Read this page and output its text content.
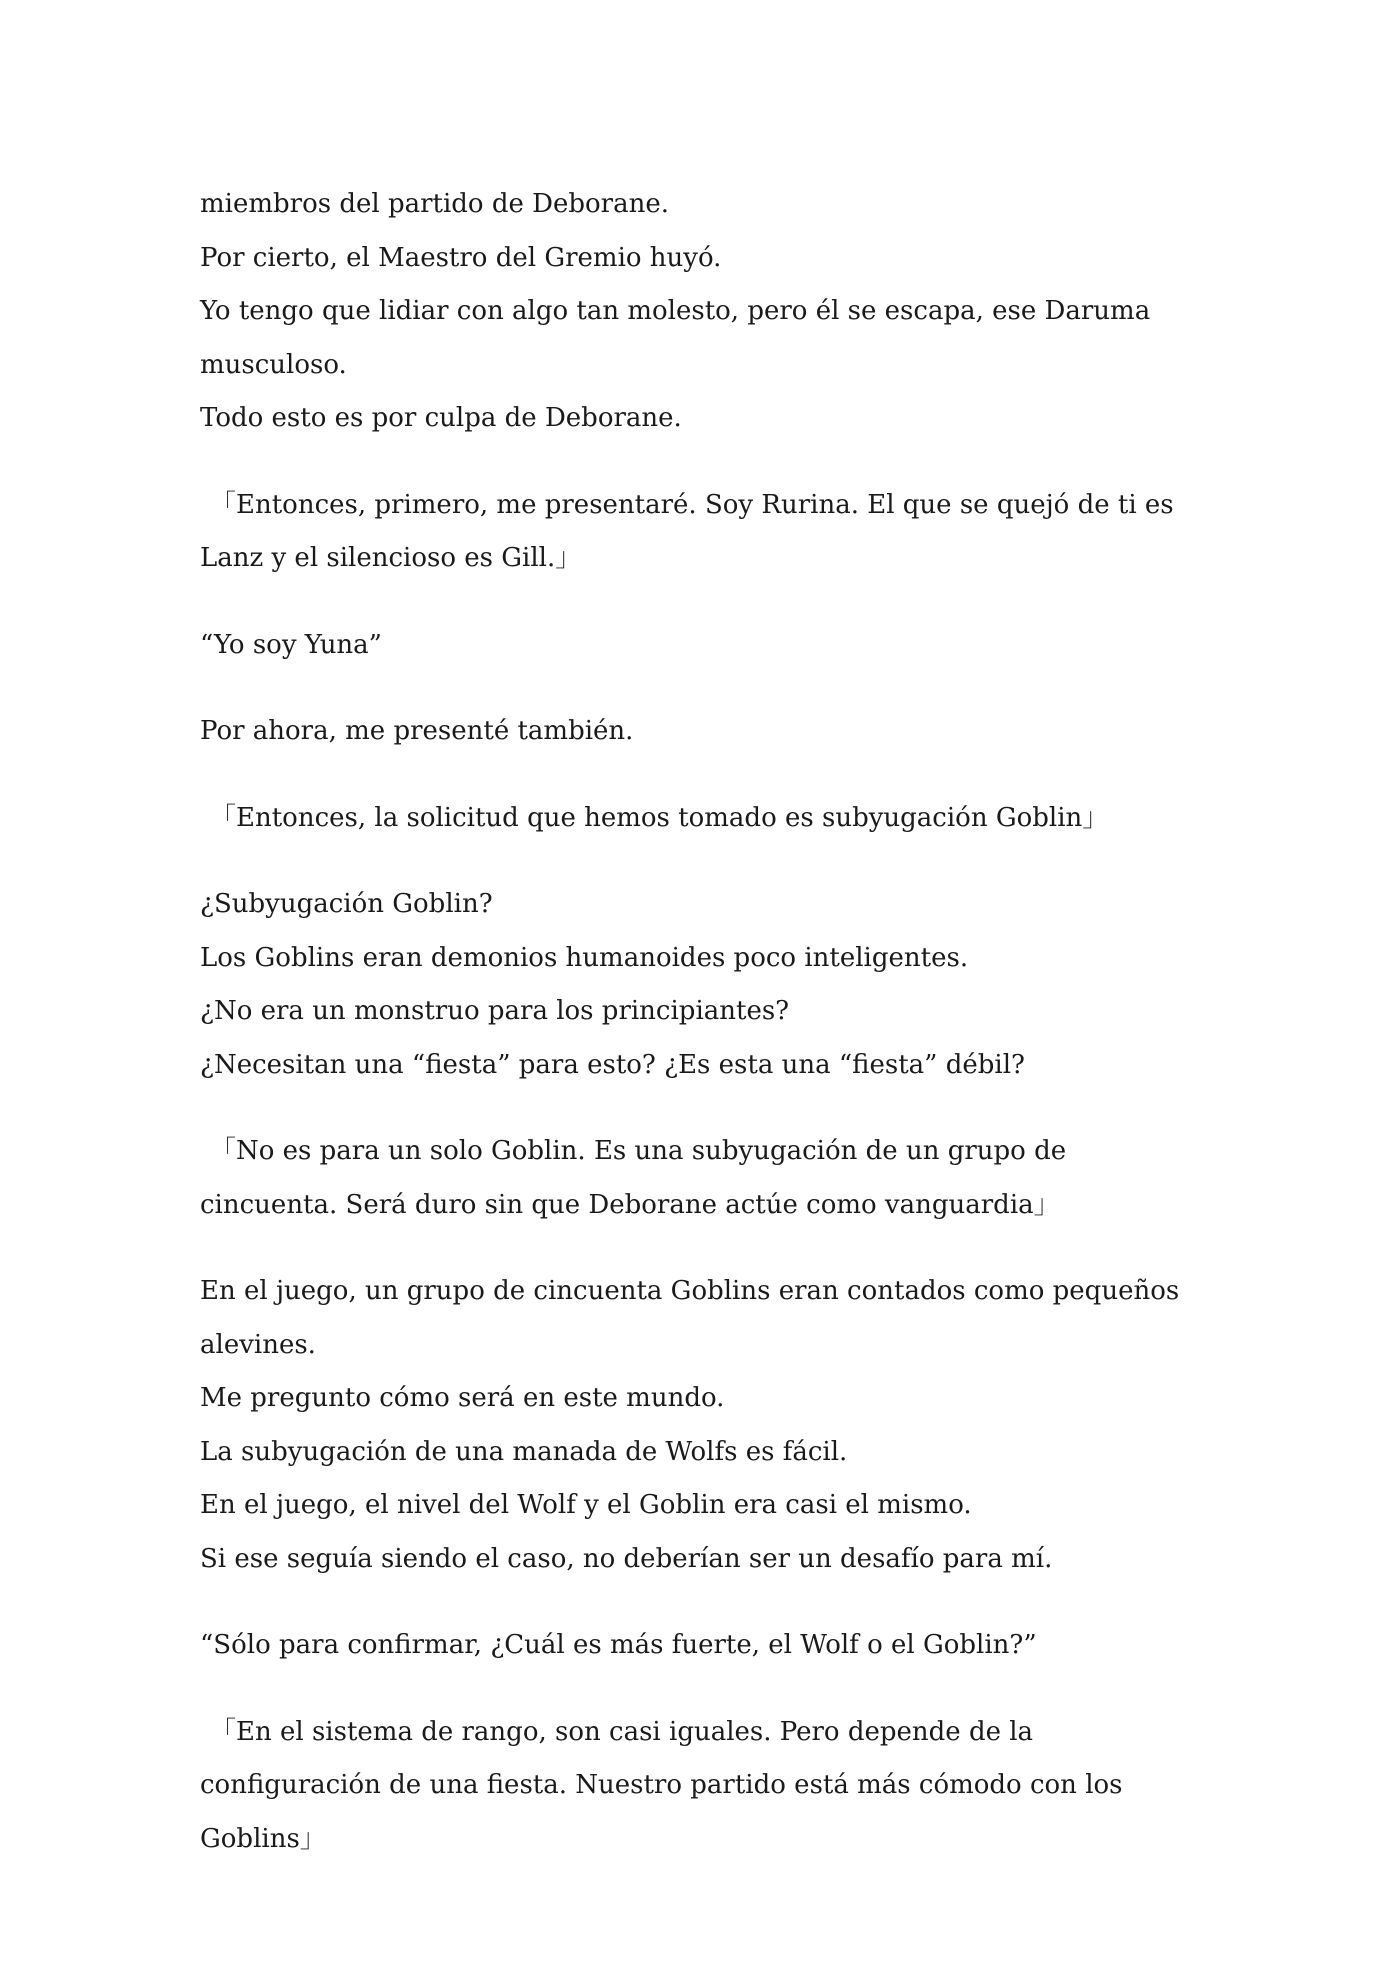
miembros del partido de Deborane.

Por cierto, el Maestro del Gremio huyó.

Yo tengo que lidiar con algo tan molesto, pero él se escapa, ese Daruma musculoso.

Todo esto es por culpa de Deborane.

「Entonces, primero, me presentaré. Soy Rurina. El que se quejó de ti es Lanz y el silencioso es Gill.」

“Yo soy Yuna”

Por ahora, me presenté también.

「Entonces, la solicitud que hemos tomado es subyugación Goblin」

¿Subyugación Goblin?

Los Goblins eran demonios humanoides poco inteligentes.

¿No era un monstruo para los principiantes?

¿Necesitan una “fiesta” para esto? ¿Es esta una “fiesta” débil?

「No es para un solo Goblin. Es una subyugación de un grupo de cincuenta. Será duro sin que Deborane actúe como vanguardia」

En el juego, un grupo de cincuenta Goblins eran contados como pequeños alevines.

Me pregunto cómo será en este mundo.

La subyugación de una manada de Wolfs es fácil.

En el juego, el nivel del Wolf y el Goblin era casi el mismo.

Si ese seguía siendo el caso, no deberían ser un desafío para mí.

“Sólo para confirmar, ¿Cuál es más fuerte, el Wolf o el Goblin?”

「En el sistema de rango, son casi iguales. Pero depende de la configuración de una fiesta. Nuestro partido está más cómodo con los Goblins」
